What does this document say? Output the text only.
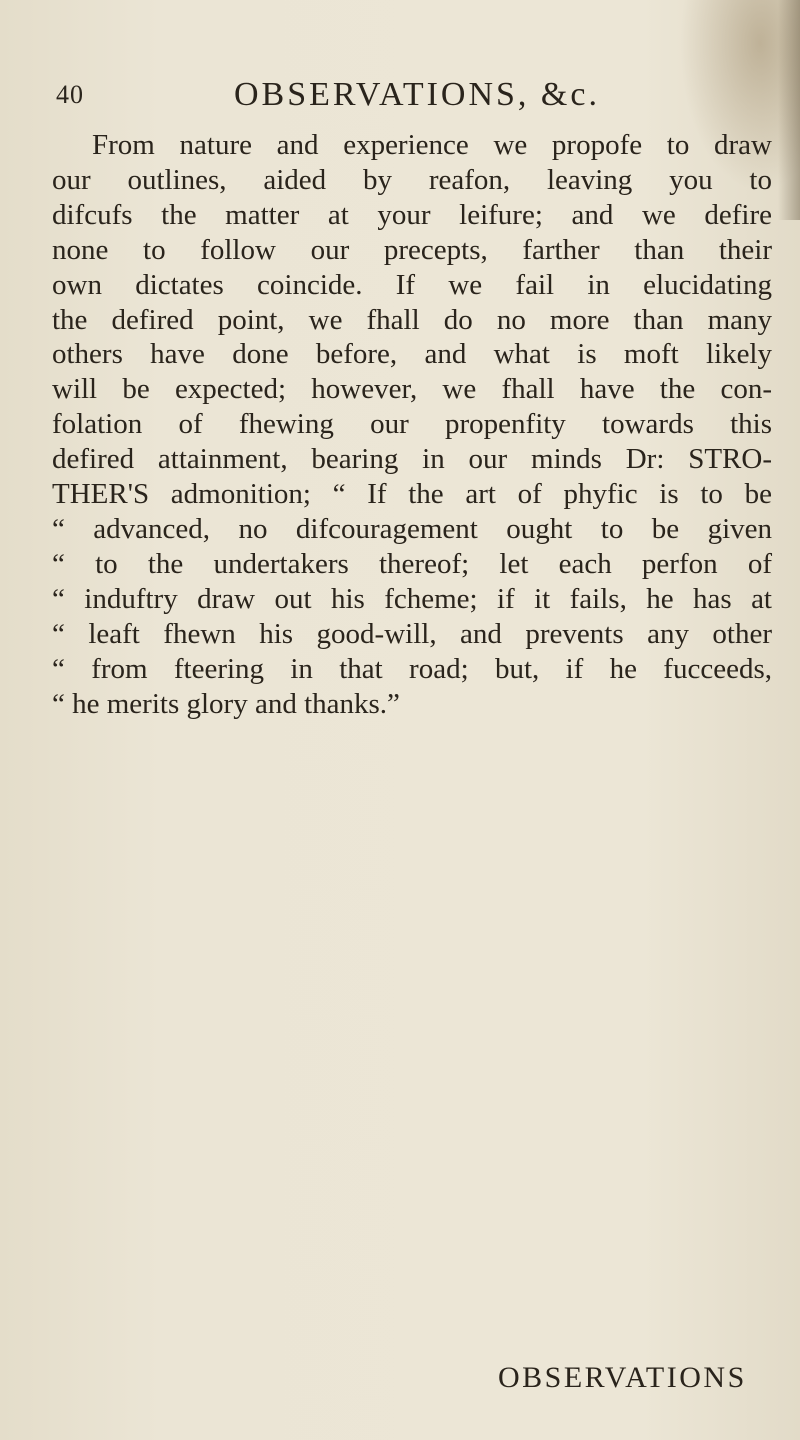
40	OBSERVATIONS, &c.
From nature and experience we propofe to draw
our outlines, aided by reafon, leaving you to
difcufs the matter at your leifure; and we defire
none to follow our precepts, farther than their
own dictates coincide. If we fail in elucidating
the defired point, we fhall do no more than many
others have done before, and what is moft likely
will be expected; however, we fhall have the con-
folation of fhewing our propenfity towards this
defired attainment, bearing in our minds Dr: STRO-
THER'S admonition; “ If the art of phyfic is to be
“ advanced, no difcouragement ought to be given
“ to the undertakers thereof; let each perfon of
“ induftry draw out his fcheme; if it fails, he has at
“ leaft fhewn his good-will, and prevents any other
“ from fteering in that road; but, if he fucceeds,
“ he merits glory and thanks.”
OBSERVATIONS
